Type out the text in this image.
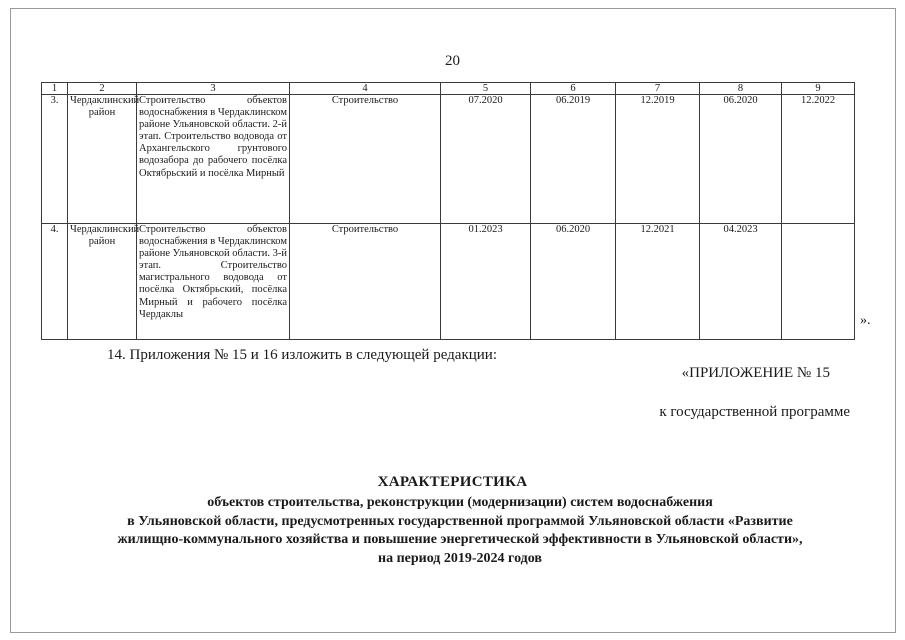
20
1	2	3	4	5	6	7	8	9
3.	Чердаклинский район	Строительство объектов водоснабжения в Чердаклинском районе Ульяновской области. 2-й этап. Строительство водовода от Архангельского грунтового водозабора до рабочего посёлка Октябрьский и посёлка Мирный	Строительство	07.2020	06.2019	12.2019	06.2020	12.2022
4.	Чердаклинский район	Строительство объектов водоснабжения в Чердаклинском районе Ульяновской области. 3-й этап. Строительство магистрального водовода от посёлка Октябрьский, посёлка Мирный и рабочего посёлка Чердаклы	Строительство	01.2023	06.2020	12.2021	04.2023	
».
14. Приложения № 15 и 16 изложить в следующей редакции:
«ПРИЛОЖЕНИЕ № 15
к государственной программе
ХАРАКТЕРИСТИКА
объектов строительства, реконструкции (модернизации) систем водоснабжения
в Ульяновской области, предусмотренных государственной программой Ульяновской области «Развитие
жилищно-коммунального хозяйства и повышение энергетической эффективности в Ульяновской области»,
на период 2019-2024 годов
